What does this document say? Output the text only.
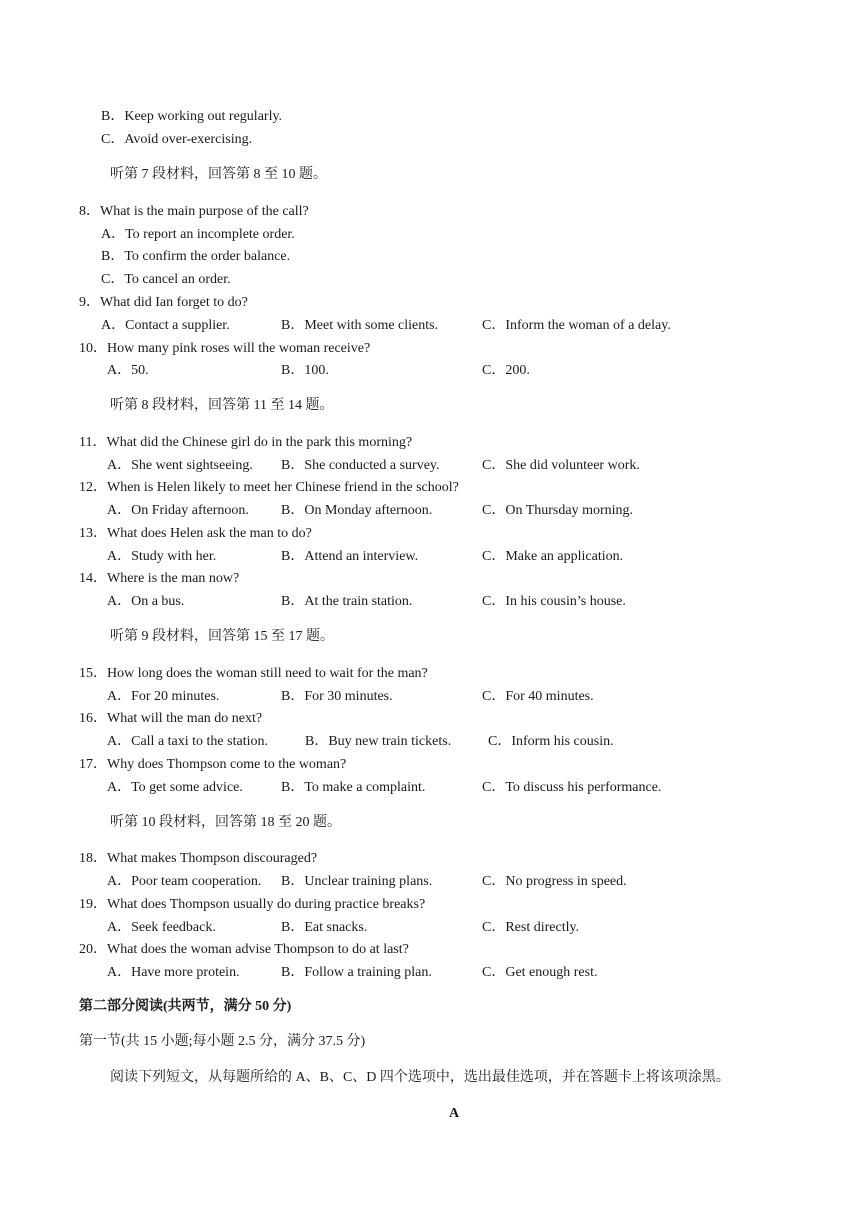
B．Keep working out regularly.
C．Avoid over-exercising.
听第 7 段材料，回答第 8 至 10 题。
8．What is the main purpose of the call?
A．To report an incomplete order.
B．To confirm the order balance.
C．To cancel an order.
9．What did Ian forget to do?
A．Contact a supplier.	B．Meet with some clients.	C．Inform the woman of a delay.
10．How many pink roses will the woman receive?
A．50.	B．100.	C．200.
听第 8 段材料，回答第 11 至 14 题。
11．What did the Chinese girl do in the park this morning?
A．She went sightseeing. B．She conducted a survey.	C．She did volunteer work.
12．When is Helen likely to meet her Chinese friend in the school?
A．On Friday afternoon. B．On Monday afternoon.	C．On Thursday morning.
13．What does Helen ask the man to do?
A．Study with her.	B．Attend an interview.	C．Make an application.
14．Where is the man now?
A．On a bus.	B．At the train station.	C．In his cousin’s house.
听第 9 段材料，回答第 15 至 17 题。
15．How long does the woman still need to wait for the man?
A．For 20 minutes.	B．For 30 minutes.	C．For 40 minutes.
16．What will the man do next?
A．Call a taxi to the station.	B．Buy new train tickets.	C．Inform his cousin.
17．Why does Thompson come to the woman?
A．To get some advice.	B．To make a complaint.	C．To discuss his performance.
听第 10 段材料，回答第 18 至 20 题。
18．What makes Thompson discouraged?
A．Poor team cooperation. B．Unclear training plans.	C．No progress in speed.
19．What does Thompson usually do during practice breaks?
A．Seek feedback.	B．Eat snacks.	C．Rest directly.
20．What does the woman advise Thompson to do at last?
A．Have more protein.	B．Follow a training plan.	C．Get enough rest.
第二部分阅读(共两节，满分 50 分)
第一节(共 15 小题;每小题 2.5 分，满分 37.5 分)
阅读下列短文，从每题所给的 A、B、C、D 四个选项中，选出最佳选项，并在答题卡上将该项涂黑。
A
